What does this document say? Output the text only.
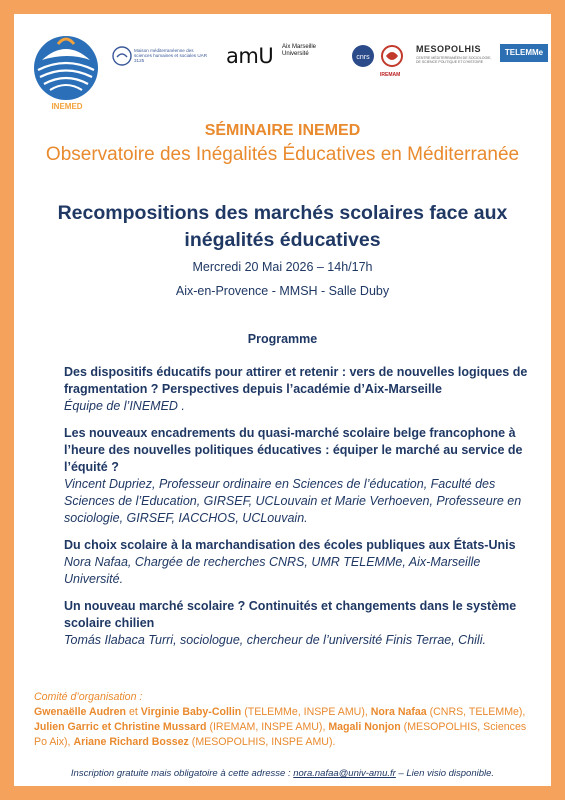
INEMED
Maison méditerranéenne des sciences humaines et sociales UAR 3125	amU Aix Marseille Université	cnrs
IREMAM
MESOPOLHIS
CENTRE MÉDITERRANÉEN DE SOCIOLOGIE, DE SCIENCE POLITIQUE ET D'HISTOIRE
TELEMMe
SÉMINAIRE INEMED
Observatoire des Inégalités Éducatives en Méditerranée
Recompositions des marchés scolaires face aux inégalités éducatives
Mercredi 20 Mai 2026 – 14h/17h
Aix-en-Provence - MMSH - Salle Duby
Programme
Des dispositifs éducatifs pour attirer et retenir : vers de nouvelles logiques de fragmentation ? Perspectives depuis l’académie d’Aix-Marseille
Équipe de l’INEMED .
Les nouveaux encadrements du quasi-marché scolaire belge francophone à l’heure des nouvelles politiques éducatives : équiper le marché au service de l’équité ?
Vincent Dupriez, Professeur ordinaire en Sciences de l’éducation, Faculté des Sciences de l’Education, GIRSEF, UCLouvain et Marie Verhoeven, Professeure en sociologie, GIRSEF, IACCHOS, UCLouvain.
Du choix scolaire à la marchandisation des écoles publiques aux États-Unis
Nora Nafaa, Chargée de recherches CNRS, UMR TELEMMe, Aix-Marseille Université.
Un nouveau marché scolaire ? Continuités et changements dans le système scolaire chilien
Tomás Ilabaca Turri, sociologue, chercheur de l’université Finis Terrae, Chili.
Comité d’organisation :
Gwenaëlle Audren et Virginie Baby-Collin (TELEMMe, INSPE AMU), Nora Nafaa (CNRS, TELEMMe), Julien Garric et Christine Mussard (IREMAM, INSPE AMU), Magali Nonjon (MESOPOLHIS, Sciences Po Aix), Ariane Richard Bossez (MESOPOLHIS, INSPE AMU).
Inscription gratuite mais obligatoire à cette adresse : nora.nafaa@univ-amu.fr – Lien visio disponible.
